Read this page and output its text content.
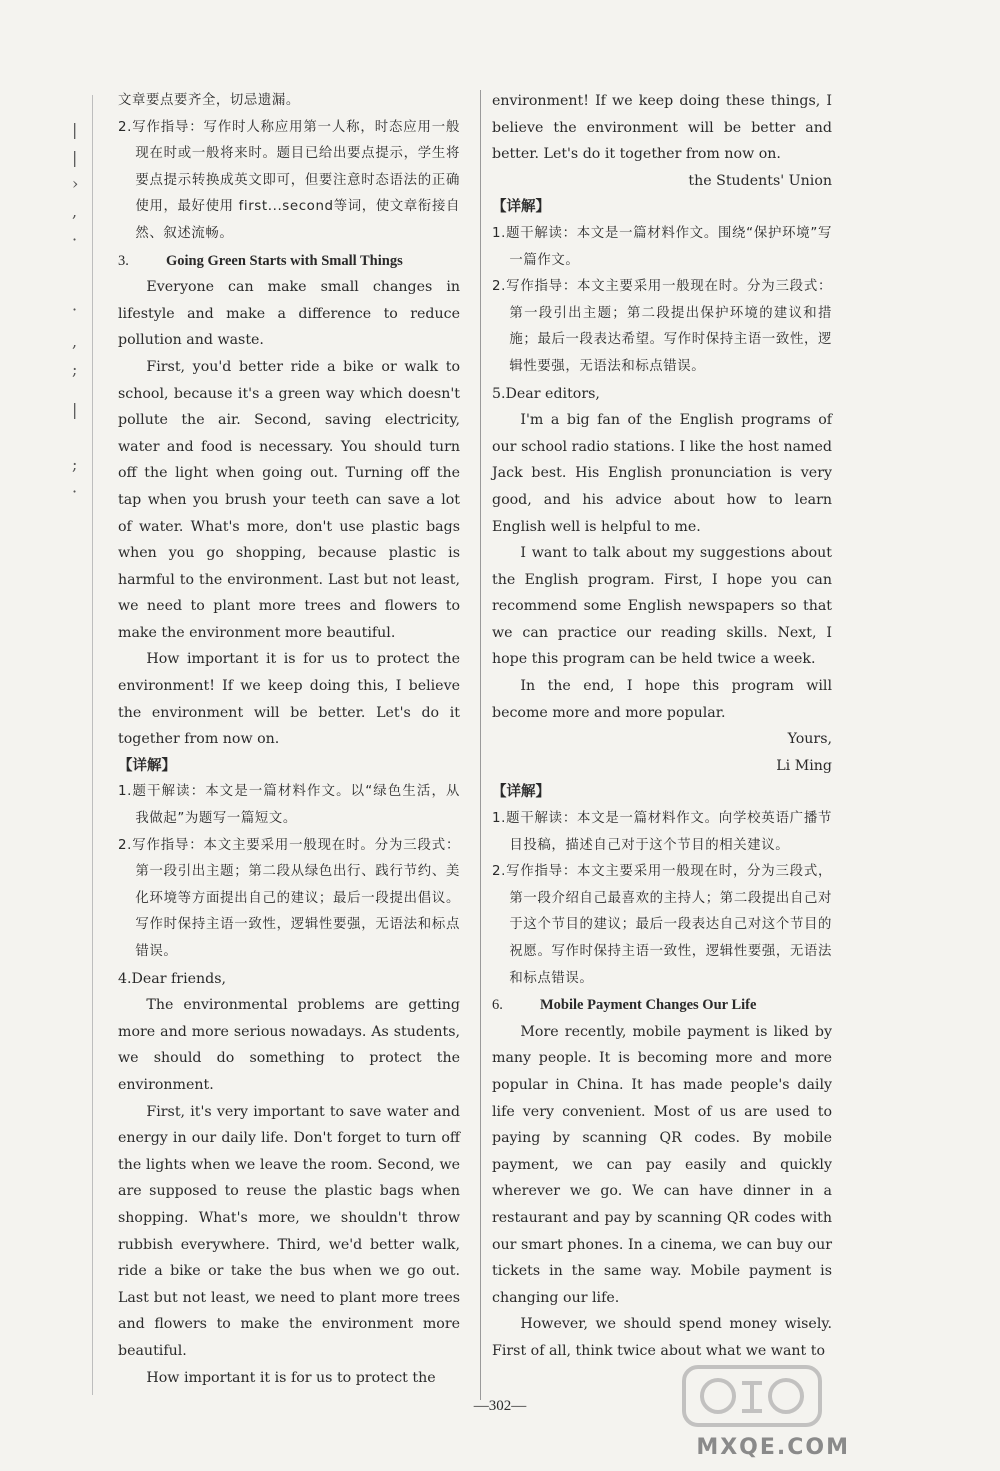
|
|
›
,
·
·
,
;
|
;
·

文章要点要齐全，切忌遗漏。

2.写作指导：写作时人称应用第一人称，时态应用一般现在时或一般将来时。题目已给出要点提示，学生将要点提示转换成英文即可，但要注意时态语法的正确使用，最好使用 first...second等词，使文章衔接自然、叙述流畅。

3.	Going Green Starts with Small Things

Everyone can make small changes in lifestyle and make a difference to reduce pollution and waste.

First, you'd better ride a bike or walk to school, because it's a green way which doesn't pollute the air. Second, saving electricity, water and food is necessary. You should turn off the light when going out. Turning off the tap when you brush your teeth can save a lot of water. What's more, don't use plastic bags when you go shopping, because plastic is harmful to the environment. Last but not least, we need to plant more trees and flowers to make the environment more beautiful.

How important it is for us to protect the environment! If we keep doing this, I believe the environment will be better. Let's do it together from now on.

【详解】

1.题干解读：本文是一篇材料作文。以“绿色生活，从我做起”为题写一篇短文。

2.写作指导：本文主要采用一般现在时。分为三段式：第一段引出主题；第二段从绿色出行、践行节约、美化环境等方面提出自己的建议；最后一段提出倡议。写作时保持主语一致性，逻辑性要强，无语法和标点错误。

4.Dear friends,

The environmental problems are getting more and more serious nowadays. As students, we should do something to protect the environment.

First, it's very important to save water and energy in our daily life. Don't forget to turn off the lights when we leave the room. Second, we are supposed to reuse the plastic bags when shopping. What's more, we shouldn't throw rubbish everywhere. Third, we'd better walk, ride a bike or take the bus when we go out. Last but not least, we need to plant more trees and flowers to make the environment more beautiful.

How important it is for us to protect the

environment! If we keep doing these things, I believe the environment will be better and better. Let's do it together from now on.

the Students' Union

【详解】

1.题干解读：本文是一篇材料作文。围绕“保护环境”写一篇作文。

2.写作指导：本文主要采用一般现在时。分为三段式：第一段引出主题；第二段提出保护环境的建议和措施；最后一段表达希望。写作时保持主语一致性，逻辑性要强，无语法和标点错误。

5.Dear editors,

I'm a big fan of the English programs of our school radio stations. I like the host named Jack best. His English pronunciation is very good, and his advice about how to learn English well is helpful to me.

I want to talk about my suggestions about the English program. First, I hope you can recommend some English newspapers so that we can practice our reading skills. Next, I hope this program can be held twice a week.

In the end, I hope this program will become more and more popular.

Yours,

Li Ming

【详解】

1.题干解读：本文是一篇材料作文。向学校英语广播节目投稿，描述自己对于这个节目的相关建议。

2.写作指导：本文主要采用一般现在时，分为三段式，第一段介绍自己最喜欢的主持人；第二段提出自己对于这个节目的建议；最后一段表达自己对这个节目的祝愿。写作时保持主语一致性，逻辑性要强，无语法和标点错误。

6.	Mobile Payment Changes Our Life

More recently, mobile payment is liked by many people. It is becoming more and more popular in China. It has made people's daily life very convenient. Most of us are used to paying by scanning QR codes. By mobile payment, we can pay easily and quickly wherever we go. We can have dinner in a restaurant and pay by scanning QR codes with our smart phones. In a cinema, we can buy our tickets in the same way. Mobile payment is changing our life.

However, we should spend money wisely. First of all, think twice about what we want to

—302—
MXQE.COM
